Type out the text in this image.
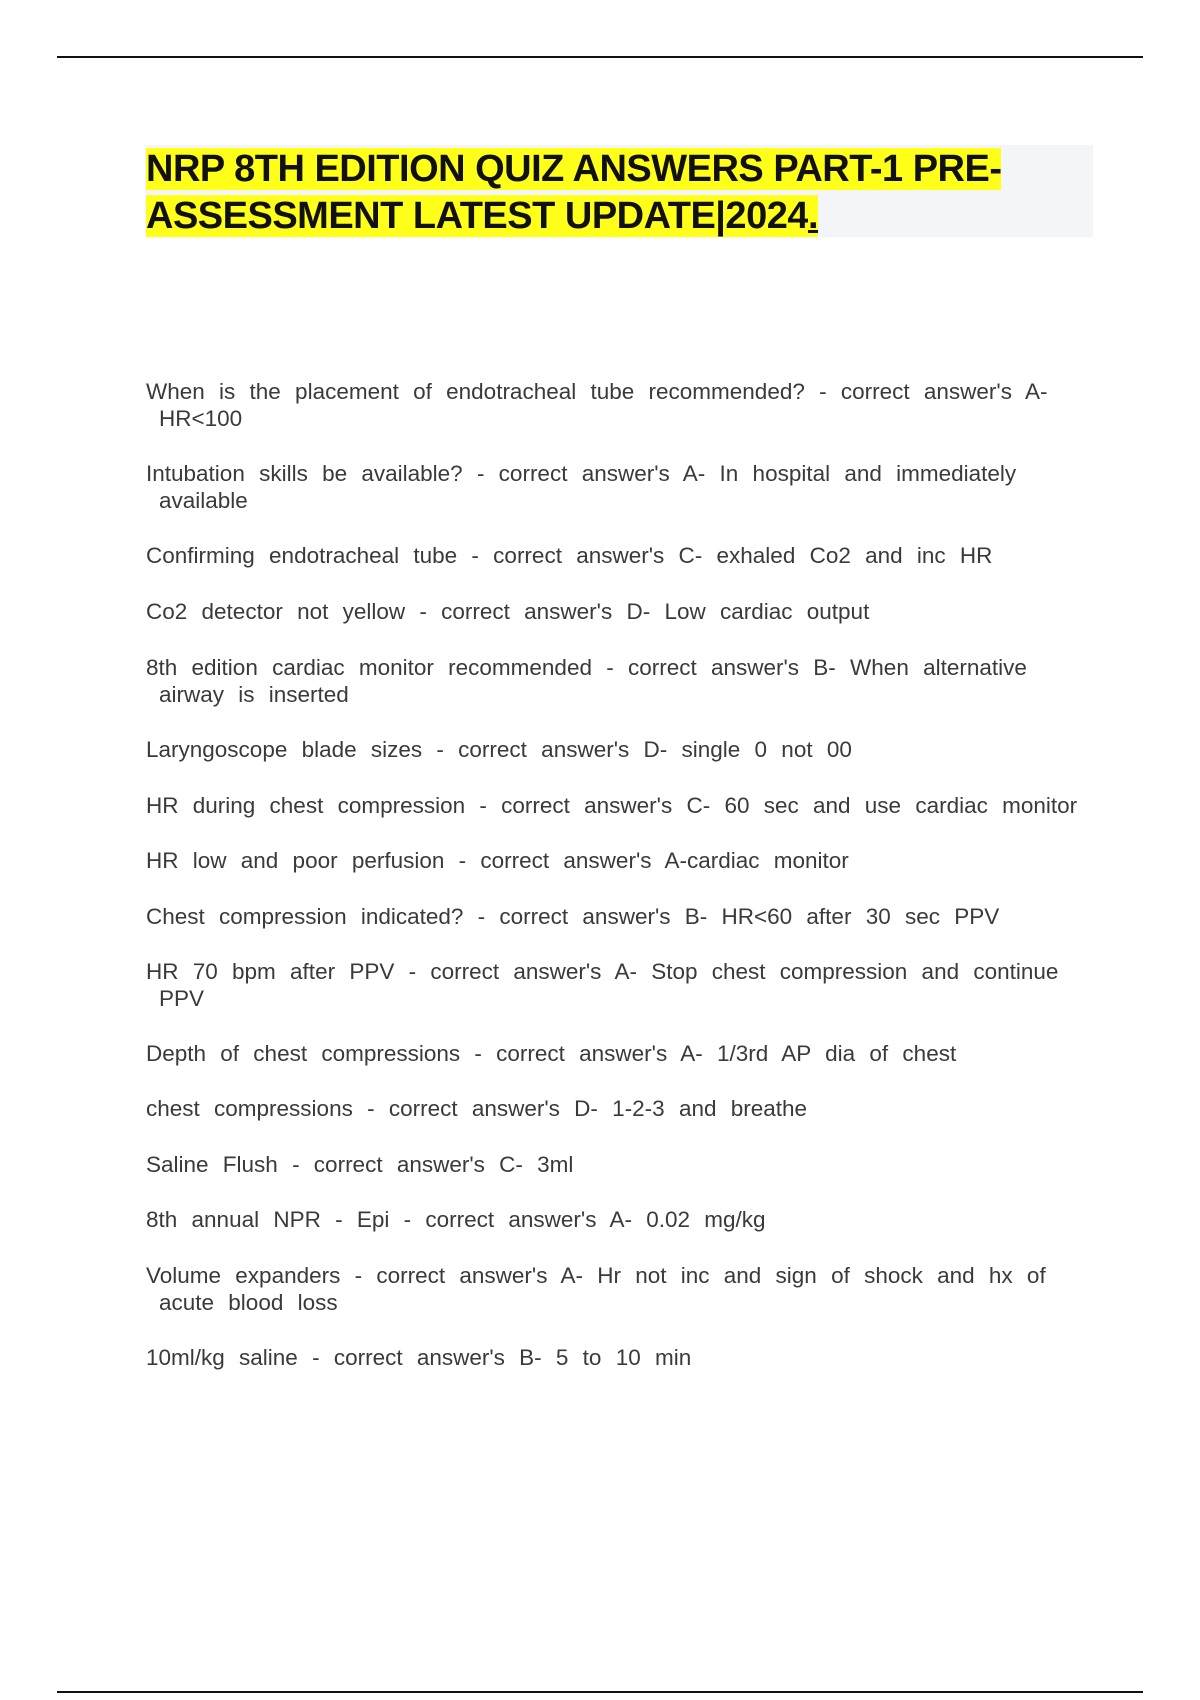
NRP 8TH EDITION QUIZ ANSWERS PART-1 PRE-ASSESSMENT LATEST UPDATE|2024.
When is the placement of endotracheal tube recommended? - correct answer's A- HR<100
Intubation skills be available? - correct answer's A- In hospital and immediately available
Confirming endotracheal tube - correct answer's C- exhaled Co2 and inc HR
Co2 detector not yellow - correct answer's D- Low cardiac output
8th edition cardiac monitor recommended - correct answer's B- When alternative airway is inserted
Laryngoscope blade sizes - correct answer's D- single 0 not 00
HR during chest compression - correct answer's C- 60 sec and use cardiac monitor
HR low and poor perfusion - correct answer's A-cardiac monitor
Chest compression indicated? - correct answer's B- HR<60 after 30 sec PPV
HR 70 bpm after PPV - correct answer's A- Stop chest compression and continue PPV
Depth of chest compressions - correct answer's A- 1/3rd AP dia of chest
chest compressions - correct answer's D- 1-2-3 and breathe
Saline Flush - correct answer's C- 3ml
8th annual NPR - Epi - correct answer's A- 0.02 mg/kg
Volume expanders - correct answer's A- Hr not inc and sign of shock and hx of acute blood loss
10ml/kg saline - correct answer's B- 5 to 10 min
